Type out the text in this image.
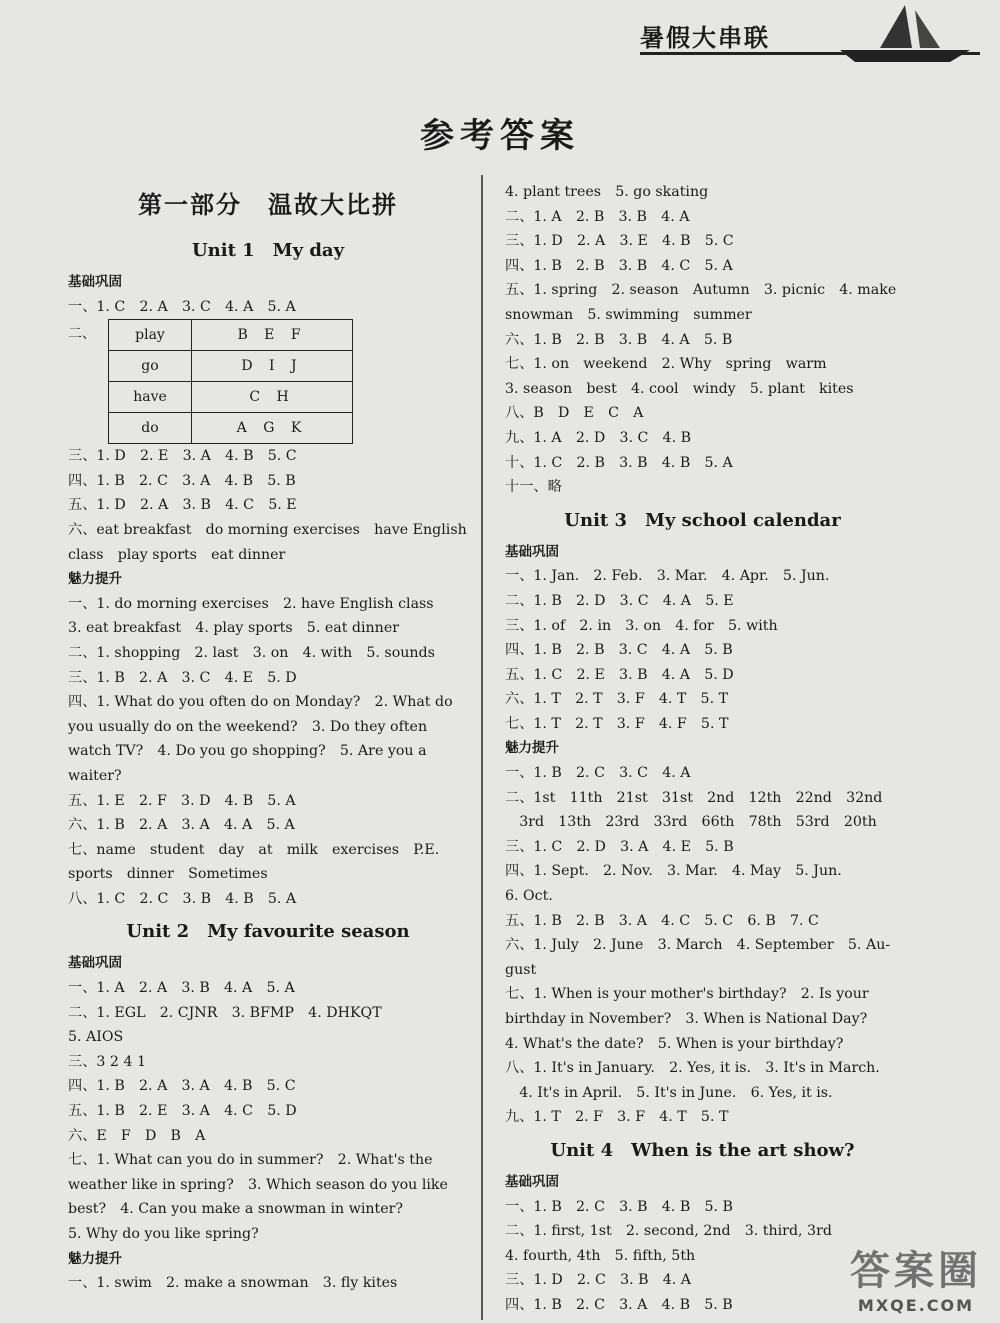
暑假大串联
参考答案
第一部分　温故大比拼
Unit 1　My day
基础巩固
一、1. C　2. A　3. C　4. A　5. A
二、	play	B E F
go	D I J
have	C H
do	A G K
三、1. D　2. E　3. A　4. B　5. C
四、1. B　2. C　3. A　4. B　5. B
五、1. D　2. A　3. B　4. C　5. E
六、eat breakfast　do morning exercises　have English
class　play sports　eat dinner
魅力提升
一、1. do morning exercises　2. have English class
3. eat breakfast　4. play sports　5. eat dinner
二、1. shopping　2. last　3. on　4. with　5. sounds
三、1. B　2. A　3. C　4. E　5. D
四、1. What do you often do on Monday?　2. What do
you usually do on the weekend?　3. Do they often
watch TV?　4. Do you go shopping?　5. Are you a
waiter?
五、1. E　2. F　3. D　4. B　5. A
六、1. B　2. A　3. A　4. A　5. A
七、name　student　day　at　milk　exercises　P.E.
sports　dinner　Sometimes
八、1. C　2. C　3. B　4. B　5. A
Unit 2　My favourite season
基础巩固
一、1. A　2. A　3. B　4. A　5. A
二、1. EGL　2. CJNR　3. BFMP　4. DHKQT
5. AIOS
三、3 2 4 1
四、1. B　2. A　3. A　4. B　5. C
五、1. B　2. E　3. A　4. C　5. D
六、E　F　D　B　A
七、1. What can you do in summer?　2. What's the
weather like in spring?　3. Which season do you like
best?　4. Can you make a snowman in winter?
5. Why do you like spring?
魅力提升
一、1. swim　2. make a snowman　3. fly kites
4. plant trees　5. go skating
二、1. A　2. B　3. B　4. A
三、1. D　2. A　3. E　4. B　5. C
四、1. B　2. B　3. B　4. C　5. A
五、1. spring　2. season　Autumn　3. picnic　4. make
snowman　5. swimming　summer
六、1. B　2. B　3. B　4. A　5. B
七、1. on　weekend　2. Why　spring　warm
3. season　best　4. cool　windy　5. plant　kites
八、B　D　E　C　A
九、1. A　2. D　3. C　4. B
十、1. C　2. B　3. B　4. B　5. A
十一、略
Unit 3　My school calendar
基础巩固
一、1. Jan.　2. Feb.　3. Mar.　4. Apr.　5. Jun.
二、1. B　2. D　3. C　4. A　5. E
三、1. of　2. in　3. on　4. for　5. with
四、1. B　2. B　3. C　4. A　5. B
五、1. C　2. E　3. B　4. A　5. D
六、1. T　2. T　3. F　4. T　5. T
七、1. T　2. T　3. F　4. F　5. T
魅力提升
一、1. B　2. C　3. C　4. A
二、1st　11th　21st　31st　2nd　12th　22nd　32nd
　3rd　13th　23rd　33rd　66th　78th　53rd　20th
三、1. C　2. D　3. A　4. E　5. B
四、1. Sept.　2. Nov.　3. Mar.　4. May　5. Jun.
6. Oct.
五、1. B　2. B　3. A　4. C　5. C　6. B　7. C
六、1. July　2. June　3. March　4. September　5. Au-
gust
七、1. When is your mother's birthday?　2. Is your
birthday in November?　3. When is National Day?
4. What's the date?　5. When is your birthday?
八、1. It's in January.　2. Yes, it is.　3. It's in March.
　4. It's in April.　5. It's in June.　6. Yes, it is.
九、1. T　2. F　3. F　4. T　5. T
Unit 4　When is the art show?
基础巩固
一、1. B　2. C　3. B　4. B　5. B
二、1. first, 1st　2. second, 2nd　3. third, 3rd
4. fourth, 4th　5. fifth, 5th
三、1. D　2. C　3. B　4. A
四、1. B　2. C　3. A　4. B　5. B
答案圈
MXQE.COM
